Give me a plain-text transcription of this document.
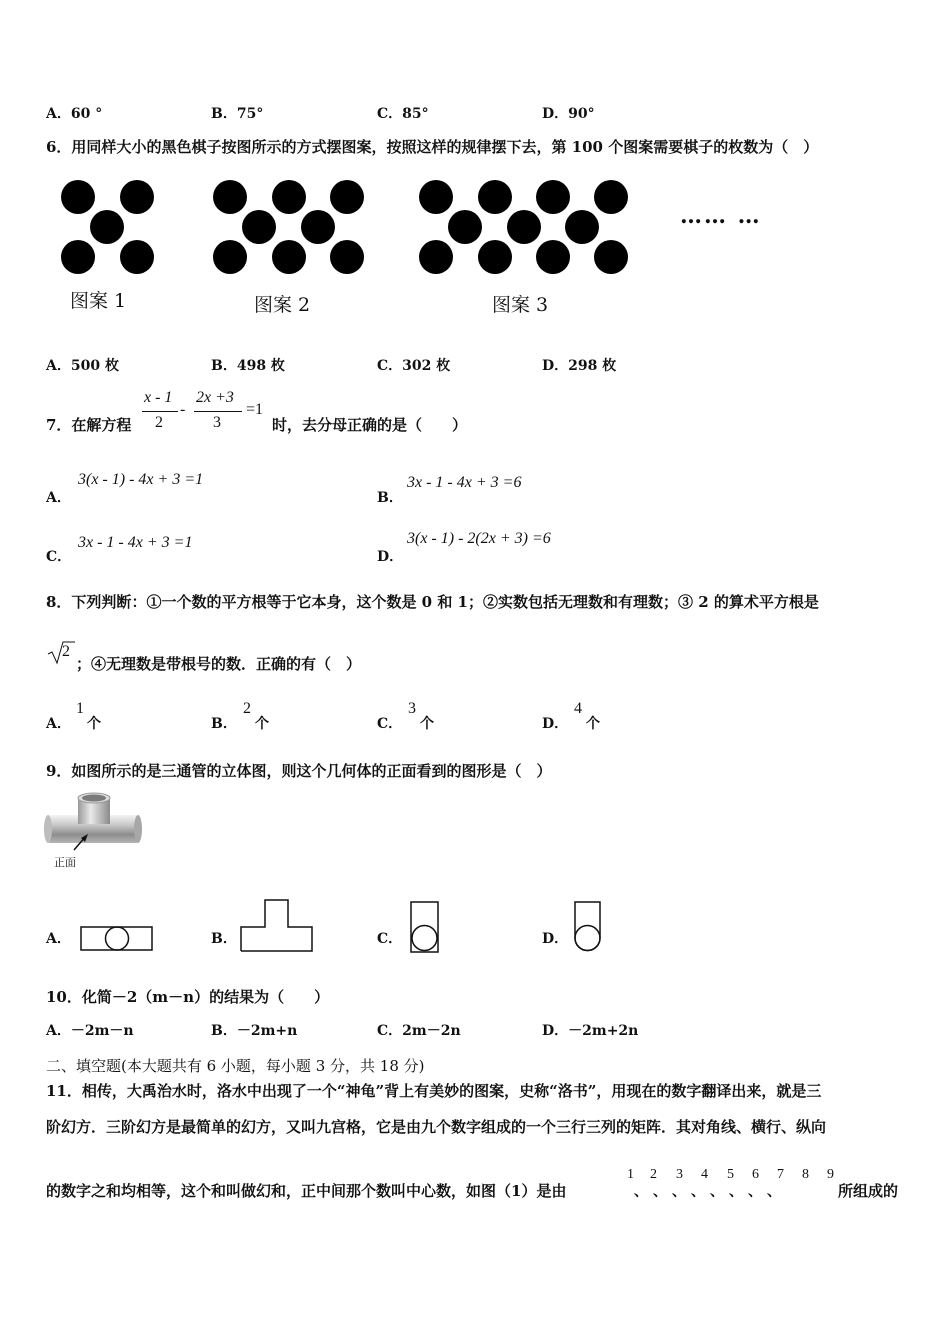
A．60 °	B．75°	C．85°	D．90°
6．用同样大小的黑色棋子按图所示的方式摆图案，按照这样的规律摆下去，第 100 个图案需要棋子的枚数为（　）
…… …
图案 1	图案 2	图案 3
A．500 枚	B．498 枚	C．302 枚	D．298 枚
7．在解方程
x - 1
2
-
2x +3
3
=1
时，去分母正确的是（　　）
A．
3(x - 1) - 4x + 3 =1
B．
3x - 1 - 4x + 3 =6
C．
3x - 1 - 4x + 3 =1
D．
3(x - 1) - 2(2x + 3) =6
8．下列判断：①一个数的平方根等于它本身，这个数是 0 和 1；②实数包括无理数和有理数；③ 2 的算术平方根是
2
；④无理数是带根号的数．正确的有（　）
A．
1
个	B．
2
个	C．
3
个	D．
4
个
9．如图所示的是三通管的立体图，则这个几何体的正面看到的图形是（　）
正面
A．	B．	C．	D．
10．化简－2（m－n）的结果为（　　）
A．－2m－n	B．－2m+n	C．2m－2n	D．－2m+2n
二、填空题(本大题共有 6 小题，每小题 3 分，共 18 分)
11．相传，大禹治水时，洛水中出现了一个“神龟”背上有美妙的图案，史称“洛书”，用现在的数字翻译出来，就是三
阶幻方．三阶幻方是最简单的幻方，又叫九宫格，它是由九个数字组成的一个三行三列的矩阵．其对角线、横行、纵向
的数字之和均相等，这个和叫做幻和，正中间那个数叫中心数，如图（1）是由
1 2 3 4 5 6 7 8 9
、、、、、、、、	所组成的
